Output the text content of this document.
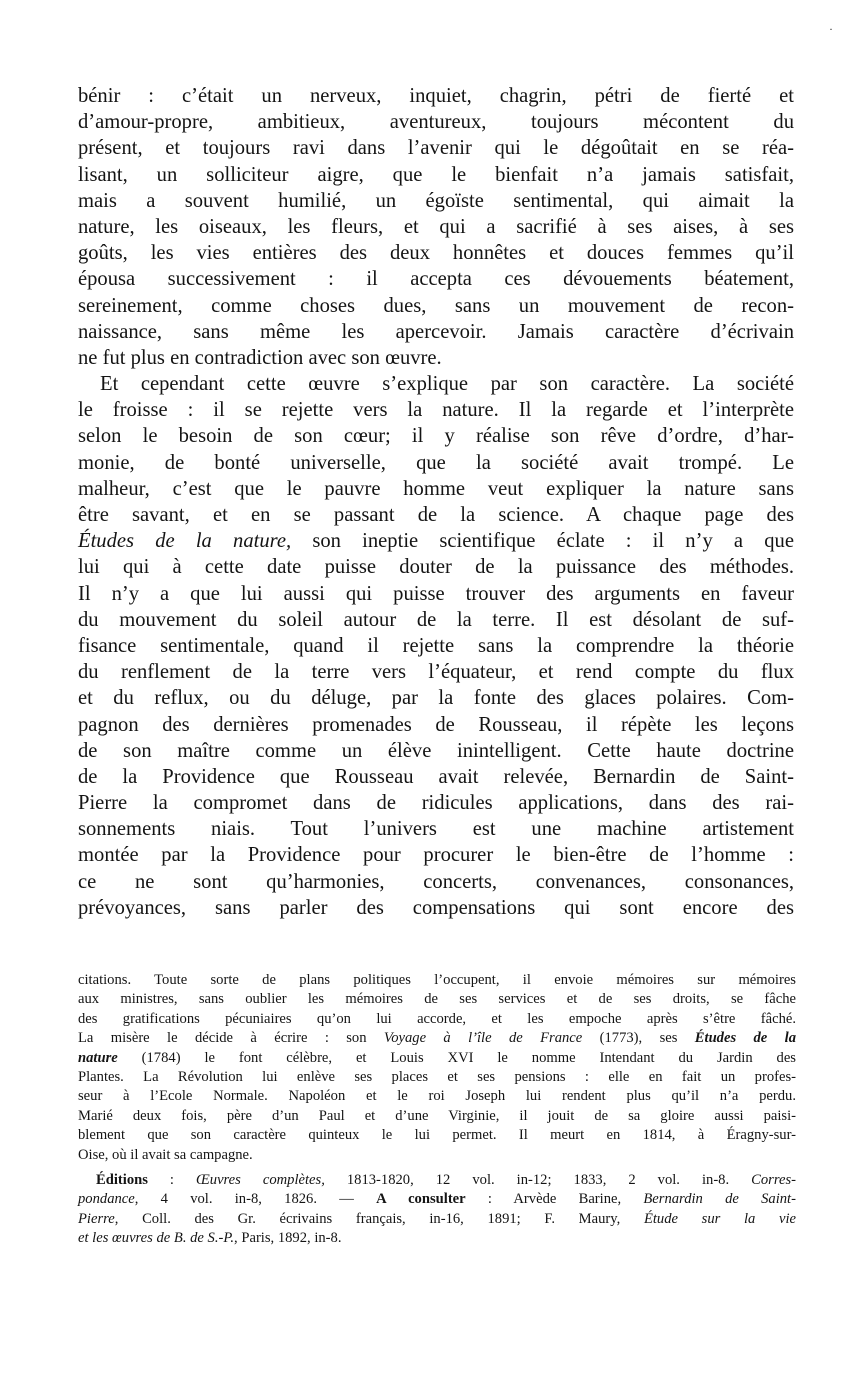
·
bénir : c’était un nerveux, inquiet, chagrin, pétri de fierté et
d’amour-propre, ambitieux, aventureux, toujours mécontent du
présent, et toujours ravi dans l’avenir qui le dégoûtait en se réa-
lisant, un solliciteur aigre, que le bienfait n’a jamais satisfait,
mais a souvent humilié, un égoïste sentimental, qui aimait la
nature, les oiseaux, les fleurs, et qui a sacrifié à ses aises, à ses
goûts, les vies entières des deux honnêtes et douces femmes qu’il
épousa successivement : il accepta ces dévouements béatement,
sereinement, comme choses dues, sans un mouvement de recon-
naissance, sans même les apercevoir. Jamais caractère d’écrivain
ne fut plus en contradiction avec son œuvre.
Et cependant cette œuvre s’explique par son caractère. La société
le froisse : il se rejette vers la nature. Il la regarde et l’interprète
selon le besoin de son cœur; il y réalise son rêve d’ordre, d’har-
monie, de bonté universelle, que la société avait trompé. Le
malheur, c’est que le pauvre homme veut expliquer la nature sans
être savant, et en se passant de la science. A chaque page des
Études de la nature, son ineptie scientifique éclate : il n’y a que
lui qui à cette date puisse douter de la puissance des méthodes.
Il n’y a que lui aussi qui puisse trouver des arguments en faveur
du mouvement du soleil autour de la terre. Il est désolant de suf-
fisance sentimentale, quand il rejette sans la comprendre la théorie
du renflement de la terre vers l’équateur, et rend compte du flux
et du reflux, ou du déluge, par la fonte des glaces polaires. Com-
pagnon des dernières promenades de Rousseau, il répète les leçons
de son maître comme un élève inintelligent. Cette haute doctrine
de la Providence que Rousseau avait relevée, Bernardin de Saint-
Pierre la compromet dans de ridicules applications, dans des rai-
sonnements niais. Tout l’univers est une machine artistement
montée par la Providence pour procurer le bien-être de l’homme :
ce ne sont qu’harmonies, concerts, convenances, consonances,
prévoyances, sans parler des compensations qui sont encore des
citations. Toute sorte de plans politiques l’occupent, il envoie mémoires sur mémoires
aux ministres, sans oublier les mémoires de ses services et de ses droits, se fâche
des gratifications pécuniaires qu’on lui accorde, et les empoche après s’être fâché.
La misère le décide à écrire : son Voyage à l’île de France (1773), ses Études de la
nature (1784) le font célèbre, et Louis XVI le nomme Intendant du Jardin des
Plantes. La Révolution lui enlève ses places et ses pensions : elle en fait un profes-
seur à l’Ecole Normale. Napoléon et le roi Joseph lui rendent plus qu’il n’a perdu.
Marié deux fois, père d’un Paul et d’une Virginie, il jouit de sa gloire aussi paisi-
blement que son caractère quinteux le lui permet. Il meurt en 1814, à Éragny-sur-
Oise, où il avait sa campagne.
Éditions : Œuvres complètes, 1813-1820, 12 vol. in-12; 1833, 2 vol. in-8. Corres-
pondance, 4 vol. in-8, 1826. — A consulter : Arvède Barine, Bernardin de Saint-
Pierre, Coll. des Gr. écrivains français, in-16, 1891; F. Maury, Étude sur la vie
et les œuvres de B. de S.-P., Paris, 1892, in-8.
